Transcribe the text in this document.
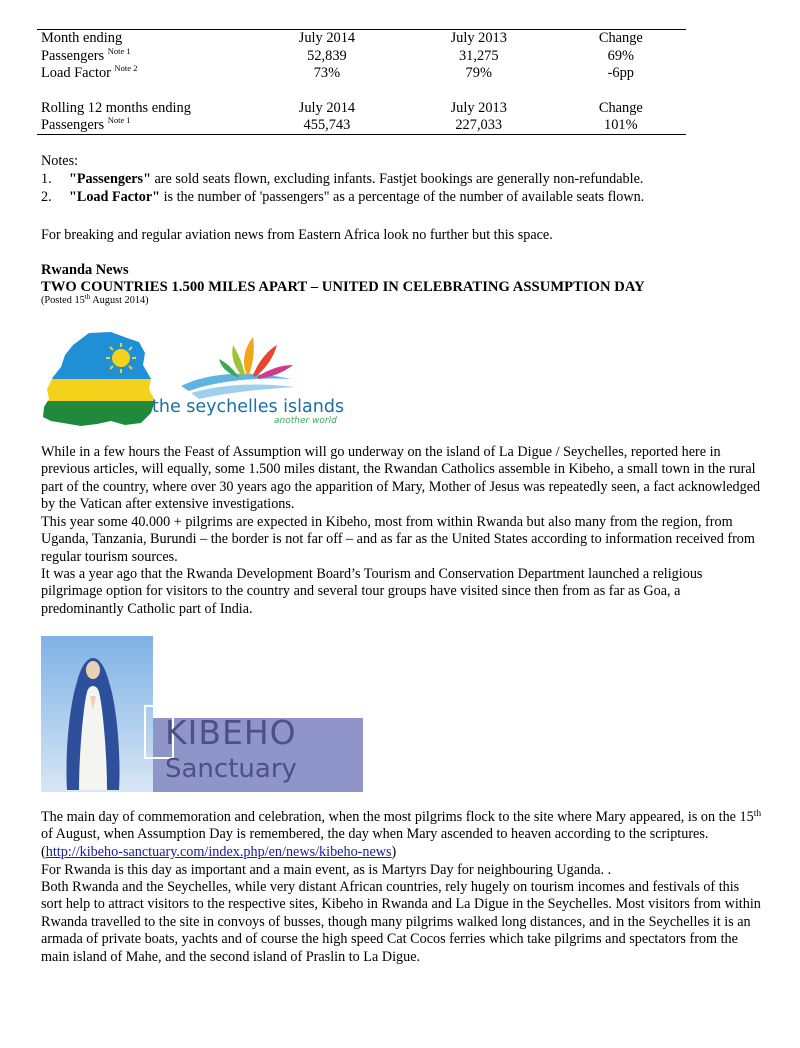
Month ending	July 2014	July 2013	Change
Passengers $^{Note 1}$	52,839	31,275	69%
Load Factor $^{Note 2}$	73%	79%	-6pp

Rolling 12 months ending	July 2014	July 2013	Change
Passengers $^{Note 1}$	455,743	227,033	101%
Notes:
1. "Passengers" are sold seats flown, excluding infants. Fastjet bookings are generally non-refundable.
2. "Load Factor" is the number of 'passengers" as a percentage of the number of available seats flown.
For breaking and regular aviation news from Eastern Africa look no further but this space.
Rwanda News
TWO COUNTRIES 1.500 MILES APART – UNITED IN CELEBRATING ASSUMPTION DAY
(Posted 15th August 2014)
the seychelles islands
another world
While in a few hours the Feast of Assumption will go underway on the island of La Digue / Seychelles, reported here in previous articles, will equally, some 1.500 miles distant, the Rwandan Catholics assemble in Kibeho, a small town in the rural part of the country, where over 30 years ago the apparition of Mary, Mother of Jesus was repeatedly seen, a fact acknowledged by the Vatican after extensive investigations.
This year some 40.000 + pilgrims are expected in Kibeho, most from within Rwanda but also many from the region, from Uganda, Tanzania, Burundi – the border is not far off – and as far as the United States according to information received from regular tourism sources.
It was a year ago that the Rwanda Development Board’s Tourism and Conservation Department launched a religious pilgrimage option for visitors to the country and several tour groups have visited since then from as far as Goa, a predominantly Catholic part of India.
KIBEHO
Sanctuary
The main day of commemoration and celebration, when the most pilgrims flock to the site where Mary appeared, is on the 15th of August, when Assumption Day is remembered, the day when Mary ascended to heaven according to the scriptures. (http://kibeho-sanctuary.com/index.php/en/news/kibeho-news)
For Rwanda is this day as important and a main event, as is Martyrs Day for neighbouring Uganda. .
Both Rwanda and the Seychelles, while very distant African countries, rely hugely on tourism incomes and festivals of this sort help to attract visitors to the respective sites, Kibeho in Rwanda and La Digue in the Seychelles. Most visitors from within Rwanda travelled to the site in convoys of busses, though many pilgrims walked long distances, and in the Seychelles it is an armada of private boats, yachts and of course the high speed Cat Cocos ferries which take pilgrims and spectators from the main island of Mahe, and the second island of Praslin to La Digue.
